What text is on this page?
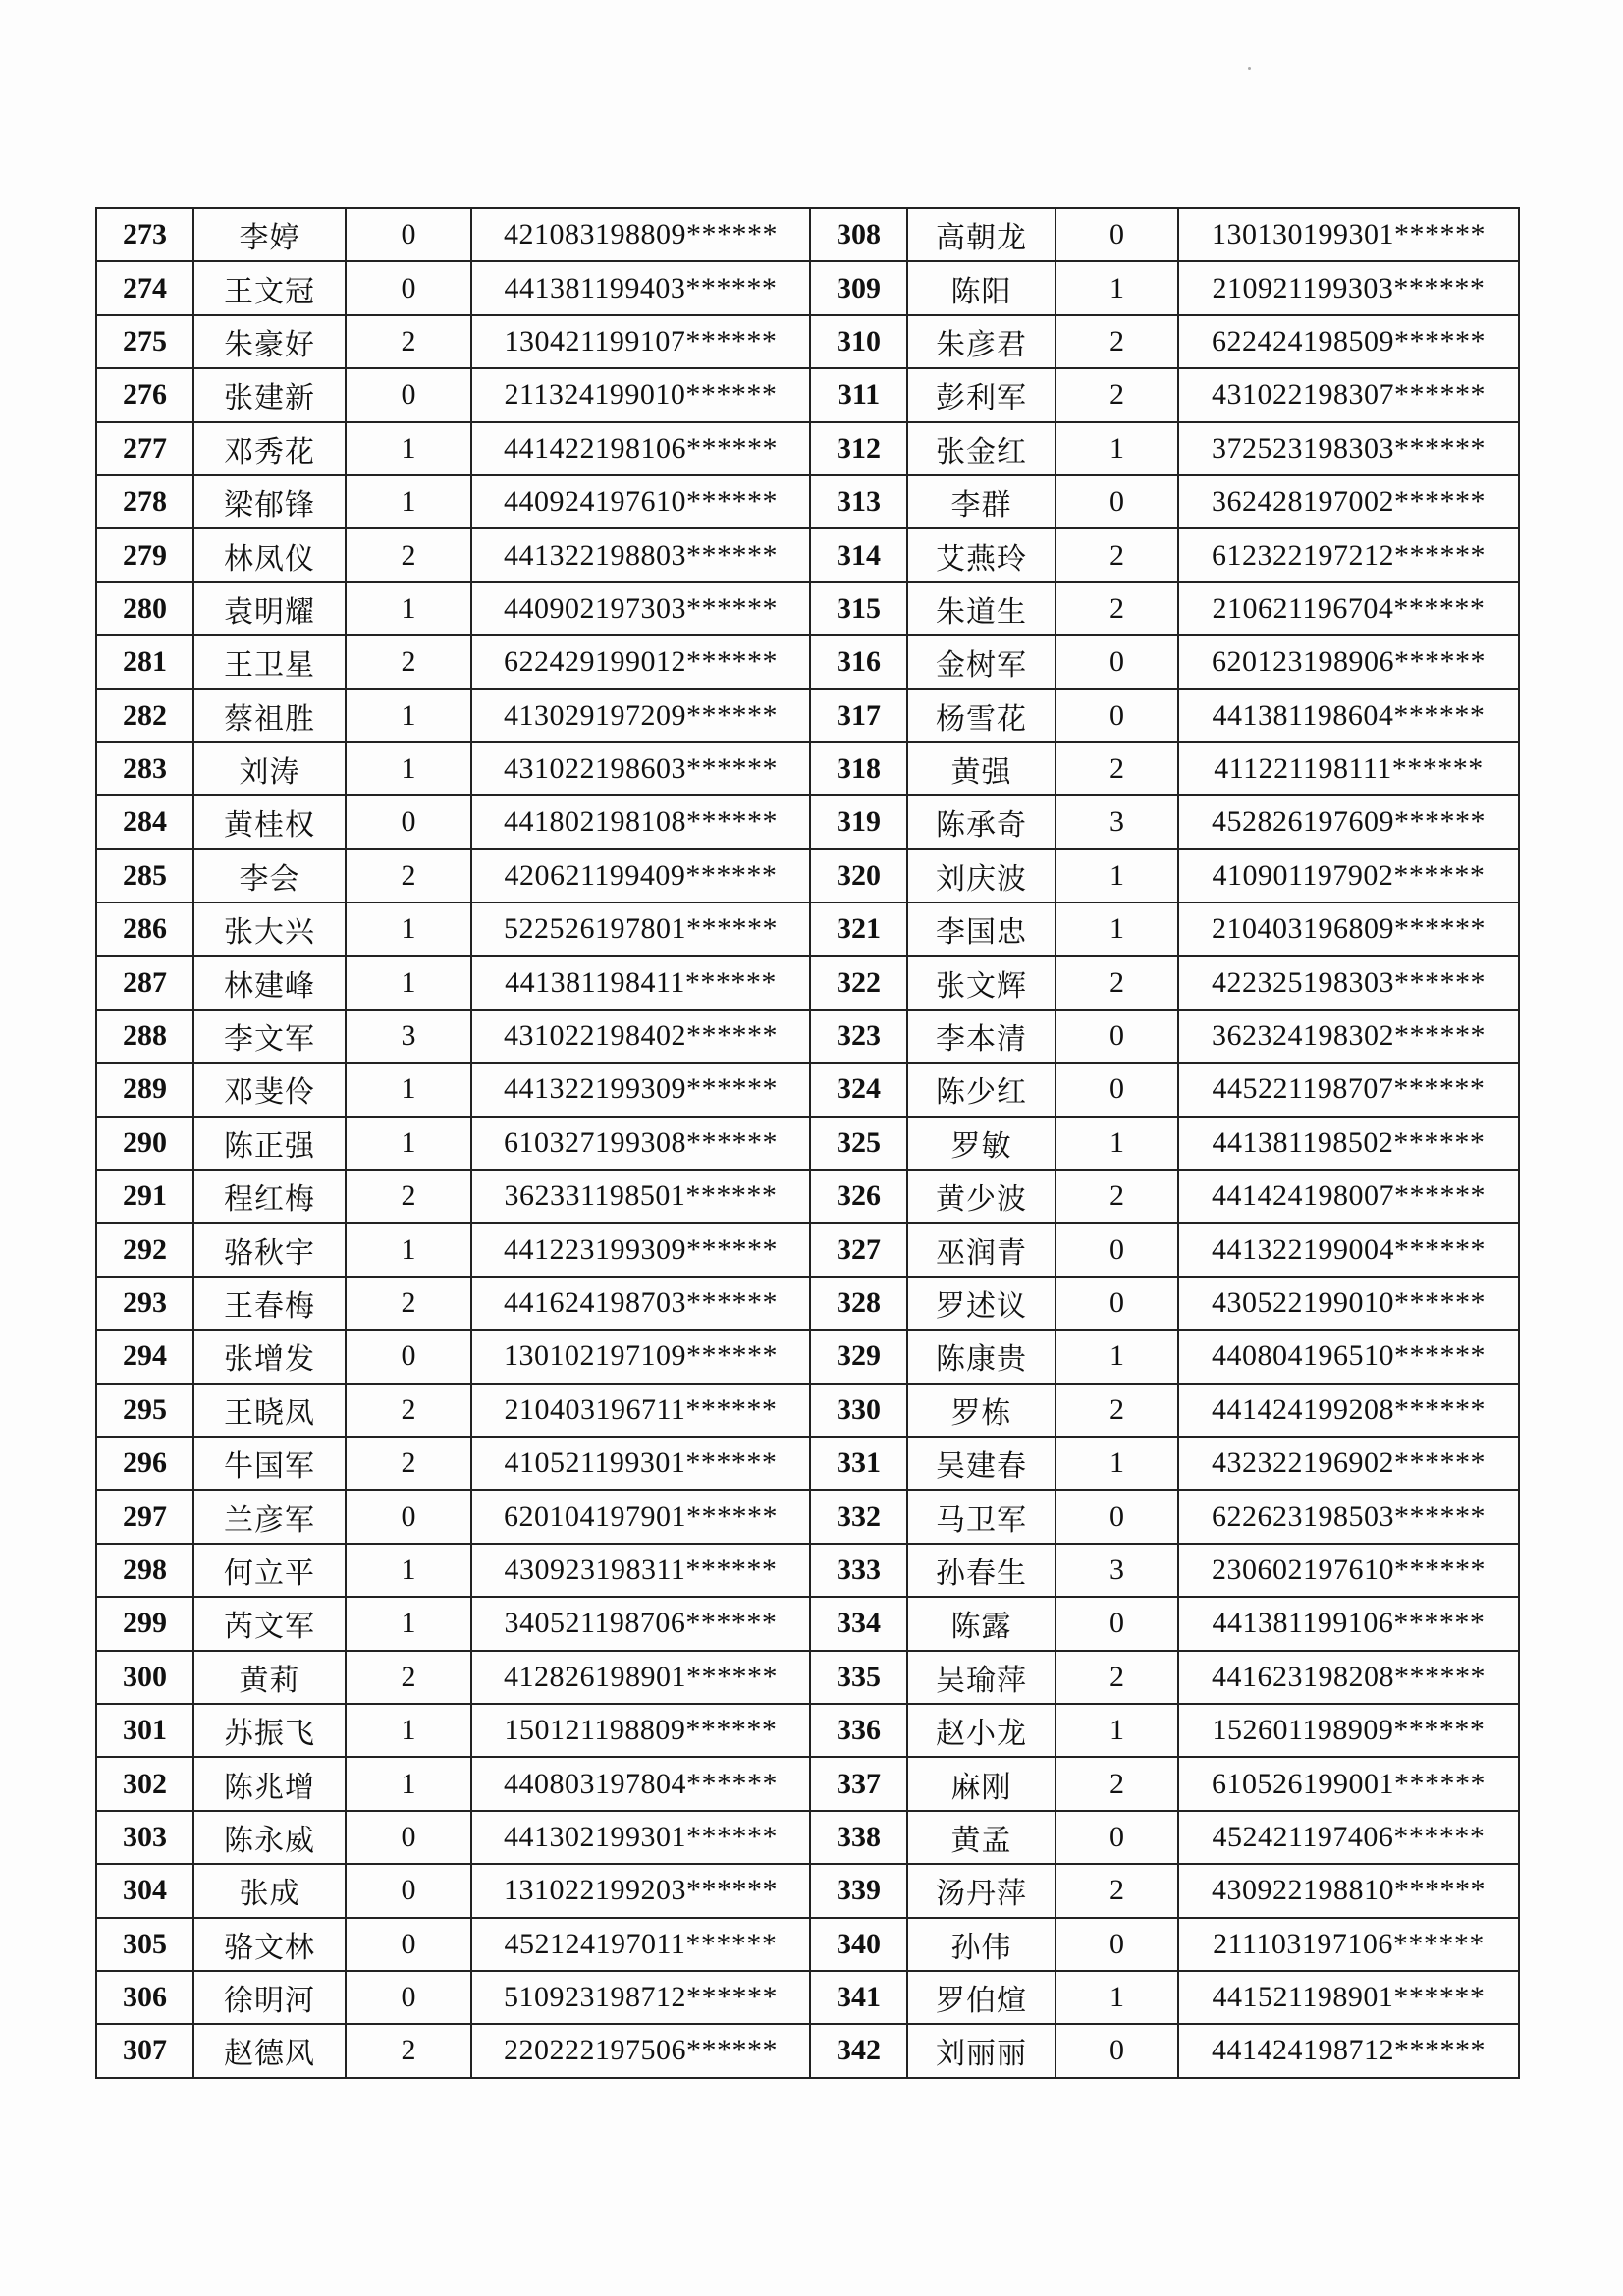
273	李婷	0	421083198809******	308	高朝龙	0	130130199301******
274	王文冠	0	441381199403******	309	陈阳	1	210921199303******
275	朱豪好	2	130421199107******	310	朱彦君	2	622424198509******
276	张建新	0	211324199010******	311	彭利军	2	431022198307******
277	邓秀花	1	441422198106******	312	张金红	1	372523198303******
278	梁郁锋	1	440924197610******	313	李群	0	362428197002******
279	林凤仪	2	441322198803******	314	艾燕玲	2	612322197212******
280	袁明耀	1	440902197303******	315	朱道生	2	210621196704******
281	王卫星	2	622429199012******	316	金树军	0	620123198906******
282	蔡祖胜	1	413029197209******	317	杨雪花	0	441381198604******
283	刘涛	1	431022198603******	318	黄强	2	411221198111******
284	黄桂权	0	441802198108******	319	陈承奇	3	452826197609******
285	李会	2	420621199409******	320	刘庆波	1	410901197902******
286	张大兴	1	522526197801******	321	李国忠	1	210403196809******
287	林建峰	1	441381198411******	322	张文辉	2	422325198303******
288	李文军	3	431022198402******	323	李本清	0	362324198302******
289	邓斐伶	1	441322199309******	324	陈少红	0	445221198707******
290	陈正强	1	610327199308******	325	罗敏	1	441381198502******
291	程红梅	2	362331198501******	326	黄少波	2	441424198007******
292	骆秋宇	1	441223199309******	327	巫润青	0	441322199004******
293	王春梅	2	441624198703******	328	罗述议	0	430522199010******
294	张增发	0	130102197109******	329	陈康贵	1	440804196510******
295	王晓凤	2	210403196711******	330	罗栋	2	441424199208******
296	牛国军	2	410521199301******	331	吴建春	1	432322196902******
297	兰彦军	0	620104197901******	332	马卫军	0	622623198503******
298	何立平	1	430923198311******	333	孙春生	3	230602197610******
299	芮文军	1	340521198706******	334	陈露	0	441381199106******
300	黄莉	2	412826198901******	335	吴瑜萍	2	441623198208******
301	苏振飞	1	150121198809******	336	赵小龙	1	152601198909******
302	陈兆增	1	440803197804******	337	麻刚	2	610526199001******
303	陈永威	0	441302199301******	338	黄孟	0	452421197406******
304	张成	0	131022199203******	339	汤丹萍	2	430922198810******
305	骆文林	0	452124197011******	340	孙伟	0	211103197106******
306	徐明河	0	510923198712******	341	罗伯煊	1	441521198901******
307	赵德风	2	220222197506******	342	刘丽丽	0	441424198712******
